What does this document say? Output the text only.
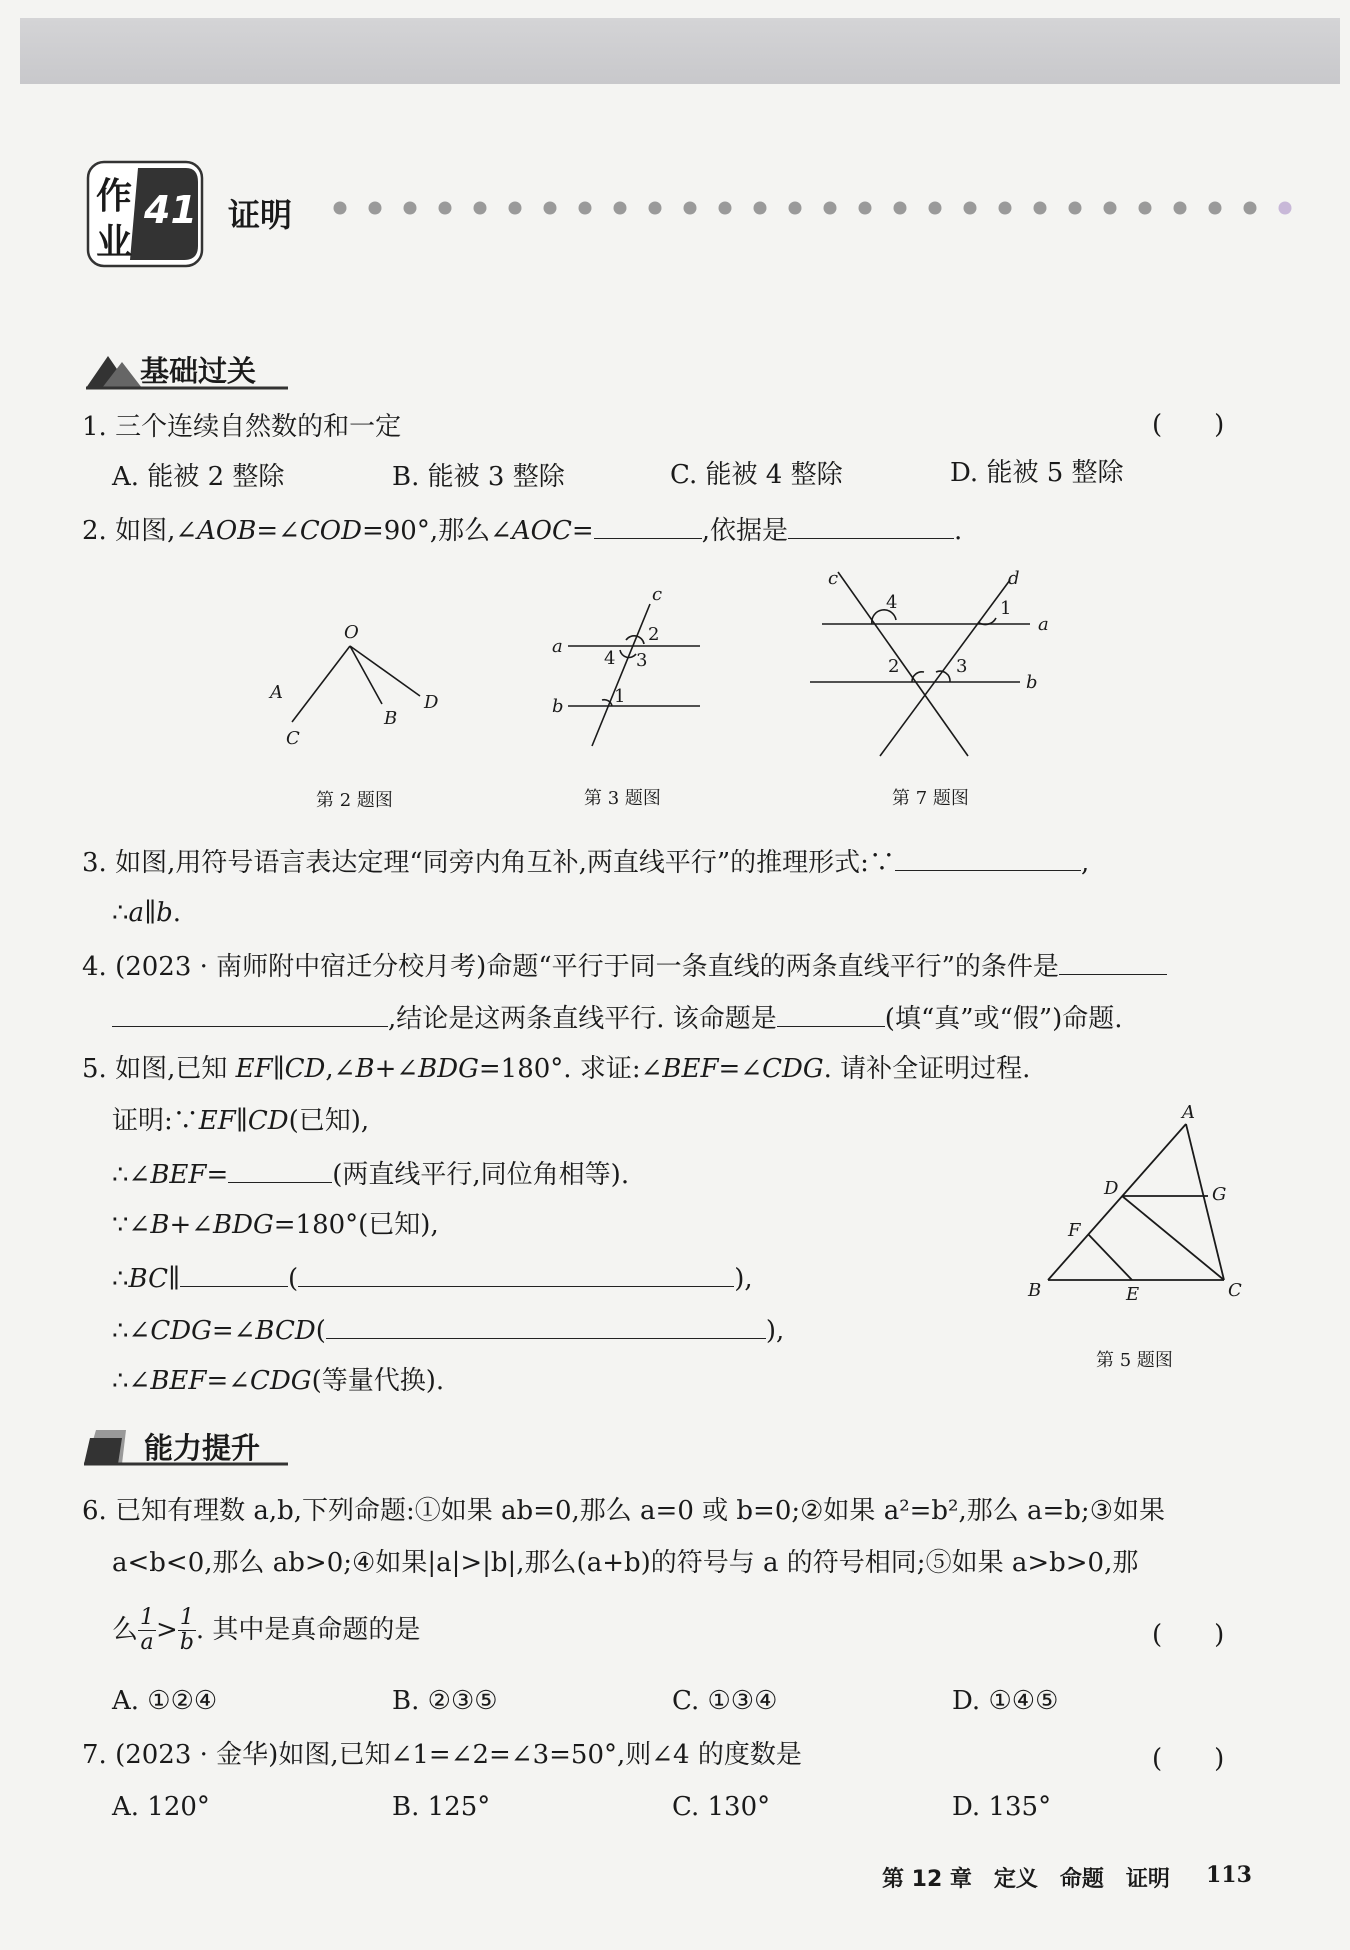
作
业
41 证明
基础过关
1. 三个连续自然数的和一定	(　　)
A. 能被 2 整除	B. 能被 3 整除	C. 能被 4 整除	D. 能被 5 整除
2. 如图,∠AOB=∠COD=90°,那么∠AOC=	,依据是	.
O
A
C
B
D
第 2 题图
c
a
b
2
4 3
1
第 3 题图
c	d
a
b
4	1
2	3
第 7 题图
3. 如图,用符号语言表达定理“同旁内角互补,两直线平行”的推理形式:∵	,
∴a∥b.
4. (2023 · 南师附中宿迁分校月考)命题“平行于同一条直线的两条直线平行”的条件是
,结论是这两条直线平行. 该命题是	(填“真”或“假”)命题.
5. 如图,已知 EF∥CD,∠B+∠BDG=180°. 求证:∠BEF=∠CDG. 请补全证明过程.
证明:∵EF∥CD(已知),
∴∠BEF=	(两直线平行,同位角相等).
∵∠B+∠BDG=180°(已知),
∴BC∥	(	),
∴∠CDG=∠BCD(	),
∴∠BEF=∠CDG(等量代换).
A
D	G
F
B	E	C
第 5 题图
能力提升
6. 已知有理数 a,b,下列命题:①如果 ab=0,那么 a=0 或 b=0;②如果 a²=b²,那么 a=b;③如果
a<b<0,那么 ab>0;④如果|a|>|b|,那么(a+b)的符号与 a 的符号相同;⑤如果 a>b>0,那
么 $\frac{1}{a} > \frac{1}{b}$ . 其中是真命题的是	(　　)
A. ①②④	B. ②③⑤	C. ①③④	D. ①④⑤
7. (2023 · 金华)如图,已知∠1=∠2=∠3=50°,则∠4 的度数是	(　　)
A. 120°	B. 125°	C. 130°	D. 135°
第 12 章　定义　命题　证明 113
